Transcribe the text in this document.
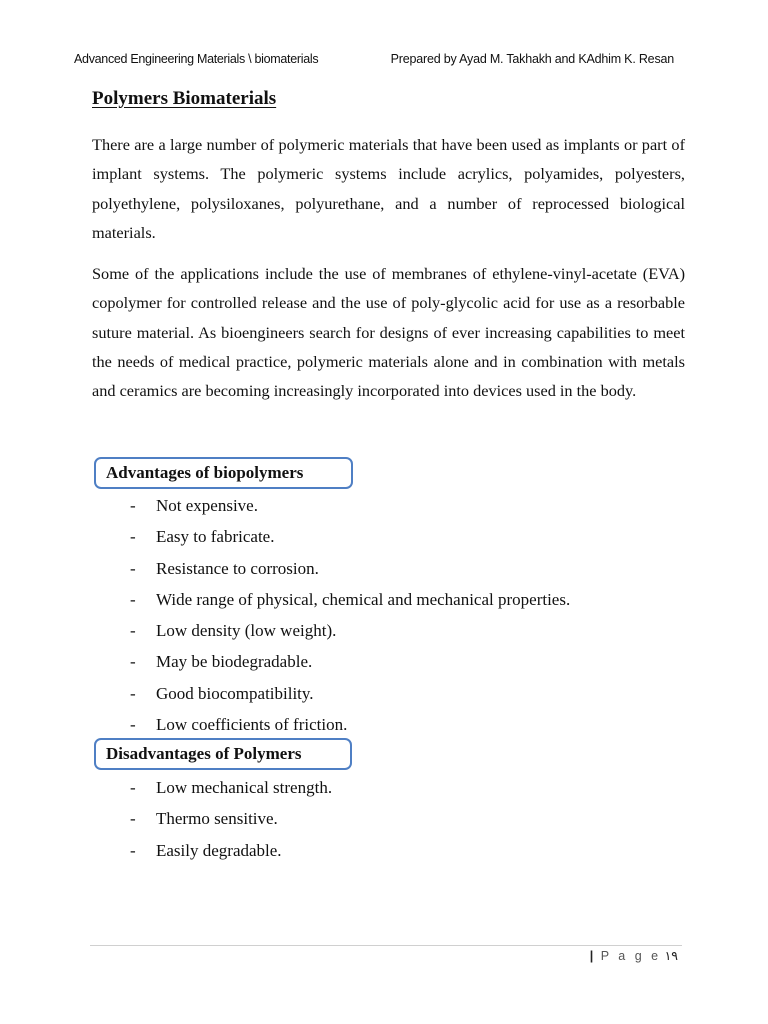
Advanced Engineering Materials \ biomaterials	Prepared by Ayad M. Takhakh and KAdhim K. Resan
Polymers Biomaterials

There are a large number of polymeric materials that have been used as implants or part of implant systems. The polymeric systems include acrylics, polyamides, polyesters, polyethylene, polysiloxanes, polyurethane, and a number of reprocessed biological materials.

Some of the applications include the use of membranes of ethylene-vinyl-acetate (EVA) copolymer for controlled release and the use of poly-glycolic acid for use as a resorbable suture material. As bioengineers search for designs of ever increasing capabilities to meet the needs of medical practice, polymeric materials alone and in combination with metals and ceramics are becoming increasingly incorporated into devices used in the body.

Advantages of biopolymers
- Not expensive.
- Easy to fabricate.
- Resistance to corrosion.
- Wide range of physical, chemical and mechanical properties.
- Low density (low weight).
- May be biodegradable.
- Good biocompatibility.
- Low coefficients of friction.
Disadvantages of Polymers
- Low mechanical strength.
- Thermo sensitive.
- Easily degradable.
| P a g e ١٩
